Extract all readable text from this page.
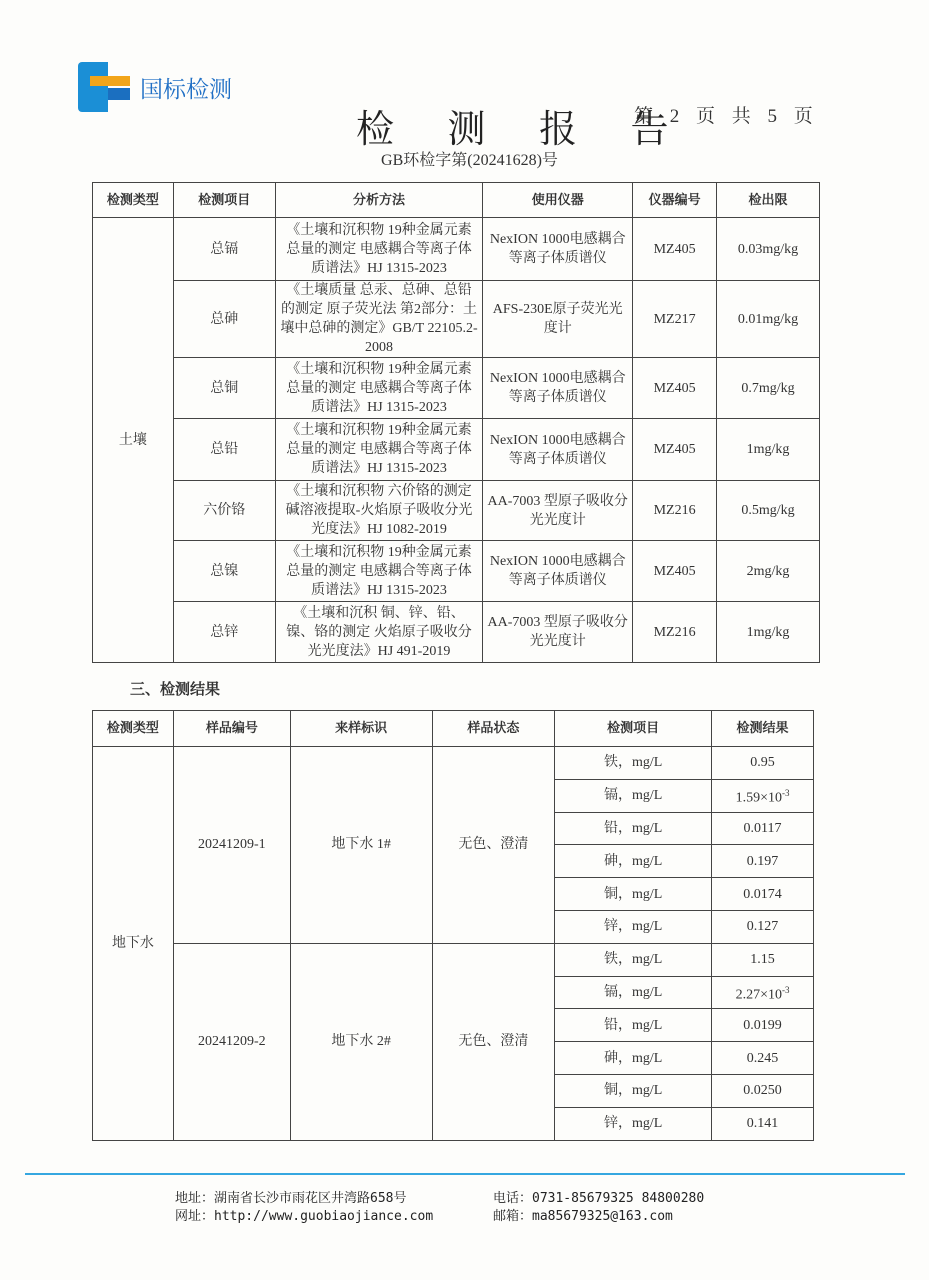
国标检测
检 测 报 告
第 2 页 共 5 页
GB环检字第(20241628)号
检测类型	检测项目	分析方法	使用仪器	仪器编号	检出限
土壤	总镉	《土壤和沉积物 19种金属元素总量的测定 电感耦合等离子体质谱法》HJ 1315-2023	NexION 1000电感耦合等离子体质谱仪	MZ405	0.03mg/kg
	总砷	《土壤质量 总汞、总砷、总铅的测定 原子荧光法 第2部分：土壤中总砷的测定》GB/T 22105.2-2008	AFS-230E原子荧光光度计	MZ217	0.01mg/kg
	总铜	《土壤和沉积物 19种金属元素总量的测定 电感耦合等离子体质谱法》HJ 1315-2023	NexION 1000电感耦合等离子体质谱仪	MZ405	0.7mg/kg
	总铅	《土壤和沉积物 19种金属元素总量的测定 电感耦合等离子体质谱法》HJ 1315-2023	NexION 1000电感耦合等离子体质谱仪	MZ405	1mg/kg
	六价铬	《土壤和沉积物 六价铬的测定 碱溶液提取-火焰原子吸收分光光度法》HJ 1082-2019	AA-7003 型原子吸收分光光度计	MZ216	0.5mg/kg
	总镍	《土壤和沉积物 19种金属元素总量的测定 电感耦合等离子体质谱法》HJ 1315-2023	NexION 1000电感耦合等离子体质谱仪	MZ405	2mg/kg
	总锌	《土壤和沉积 铜、锌、铅、镍、铬的测定 火焰原子吸收分光光度法》HJ 491-2019	AA-7003 型原子吸收分光光度计	MZ216	1mg/kg
三、检测结果
检测类型	样品编号	来样标识	样品状态	检测项目	检测结果
地下水	20241209-1	地下水 1#	无色、澄清	铁，mg/L	0.95
				镉，mg/L	$1.59\times 10^{-3}$
				铅，mg/L	0.0117
				砷，mg/L	0.197
				铜，mg/L	0.0174
				锌，mg/L	0.127
	20241209-2	地下水 2#	无色、澄清	铁，mg/L	1.15
				镉，mg/L	$2.27\times 10^{-3}$
				铅，mg/L	0.0199
				砷，mg/L	0.245
				铜，mg/L	0.0250
				锌，mg/L	0.141
地址：湖南省长沙市雨花区井湾路658号
网址：http://www.guobiaojiance.com
电话：0731-85679325 84800280
邮箱：ma85679325@163.com
